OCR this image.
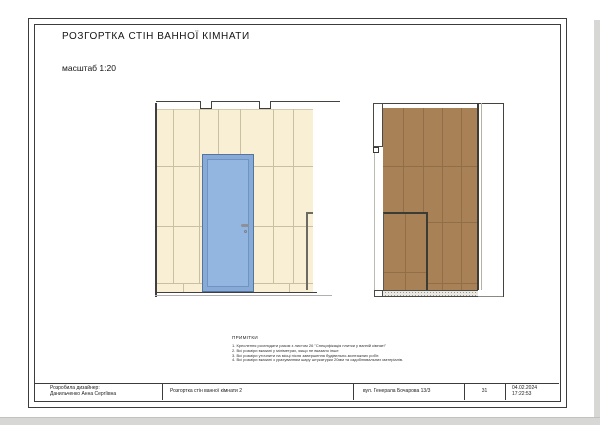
РОЗГОРТКА СТІН ВАННОЇ КІМНАТИ
масштаб 1:20
ПРИМІТКИ
1. Креслення розглядати разом з листом 26 "Специфікація плитки у ванній кімнаті"
2. Всі розміри вказані у міліметрах, якщо не вказано інше
3. Всі розміри уточнити на місці після завершення будівельно-монтажних робіт.
4. Всі розміри вказані з урахуванням шару штукатурки 20мм та оздоблювальних матеріалів.
Розробила дизайнер:
Данильченко Анна Сергіївна
Розгортка стін ванної кімнати 2	вул. Генерала Бочарова 13/3	31	04.02.2024
17:22:53
